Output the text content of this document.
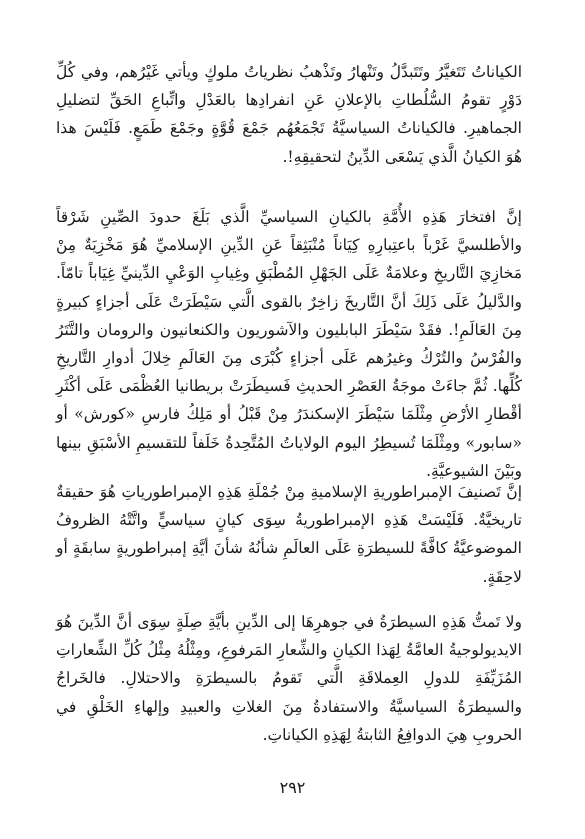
الكياناتُ تَتَغيَّرُ وتَتَبدَّلُ وتَنْهارُ وتَذْهبُ نظرياتُ ملوكٍ ويأتي غَيْرُهم، وفي كُلِّ دَوْرٍ تقومُ السُّلُطاتِ بالإعلانِ عَنِ انفرادِها بالعَدْلِ واتِّباعِ الحَقِّ لتضليلِ الجماهيرِ. فالكياناتُ السياسيَّةُ تَجْمَعُهُم جَمْعَ قُوَّةٍ وجَمْعَ طَمَعٍ. فَلَيْسَ هذا هُوَ الكيانُ الَّذي يَسْعَى الدِّينُ لتحقيقِهِ!.

إنَّ افتخارَ هَذِهِ الأُمَّةِ بالكيانِ السياسيِّ الَّذي بَلَغَ حدودَ الصِّينِ شَرْقاً والأطلسيَّ غَرْباً باعتِبارِهِ كِيَاناً مُنْبَثِقاً عَنِ الدِّينِ الإسلاميِّ هُوَ مَخْزِيَةٌ مِنْ مَخازِيَ التَّاريخِ وعلامَةٌ عَلَى الجَهْلِ المُطْبَقِ وغِيابِ الوَعْيِ الدِّينيِّ غِيَاباً تامّاً. والدَّليلُ عَلَى ذَلِكَ أنَّ التَّاريخَ زاخِرٌ بالقوى الَّتي سَيْطَرَتْ عَلَى أجزاءٍ كبيرةٍ مِنَ العَالَمِ!. فقَدْ سَيْطَرَ البابليون والآشوريون والكنعانيون والرومان والتَّتَرُ والفُرْسُ والتُرْكُ وغيرُهم عَلَى أجزاءٍ كُبْرَى مِنَ العَالَمِ خِلالَ أدوارِ التَّاريخِ كُلِّها. ثُمَّ جاءَتْ موجَةُ العَصْرِ الحديثِ فَسيطَرَتْ بريطانيا العُظْمَى عَلَى أكْثَرِ أقْطارِ الأرْضِ مِثْلَمَا سَيْطَرَ الإسكندَرُ مِنْ قَبْلُ أو مَلِكُ فارسِ «كورش» أو «سابور» ومِثْلَمَا تُسيطِرُ اليوم الولاياتُ المُتَّحِدةُ خَلَفاً للتقسيمِ الأسْبَقِ بينها وبَيْنَ الشيوعيَّةِ.

إنَّ تَصنيفَ الإمبراطوريةِ الإسلاميةِ مِنْ جُمْلَةِ هَذِهِ الإمبراطورياتِ هُوَ حقيقةٌ تاريخيَّةٌ. فَلَيْسَتْ هَذِهِ الإمبراطوريةُ سِوَى كيانٍ سياسيٍّ واتَّتْهُ الظروفُ الموضوعيَّةُ كافَّةً للسيطرَةِ عَلَى العالَمِ شأنُهُ شأنَ أيَّةِ إمبراطوريةٍ سابقَةٍ أو لاحِقَةٍ.

ولا تَمتُّ هَذِهِ السيطرَةُ في جوهرِهَا إلى الدِّينِ بأيَّةِ صِلَةٍ سِوَى أنَّ الدِّينَ هُوَ الايديولوجيةُ العامَّةُ لِهَذا الكيانِ والشِّعارِ المَرفوعِ، ومِثْلُهُ مِثْلُ كُلِّ الشِّعاراتِ المُزَيِّفَةِ للدولِ العِملاقَةِ الَّتي تَقومُ بالسيطرَةِ والاحتلالِ. فالخَراجُ والسيطرَةُ السياسيَّةُ والاستفادةُ مِنَ الغلاتِ والعبيدِ وإلهاءِ الخَلْقِ في الحروبِ هِيَ الدوافِعُ الثابتةُ لِهَذِهِ الكياناتِ.

٢٩٢
